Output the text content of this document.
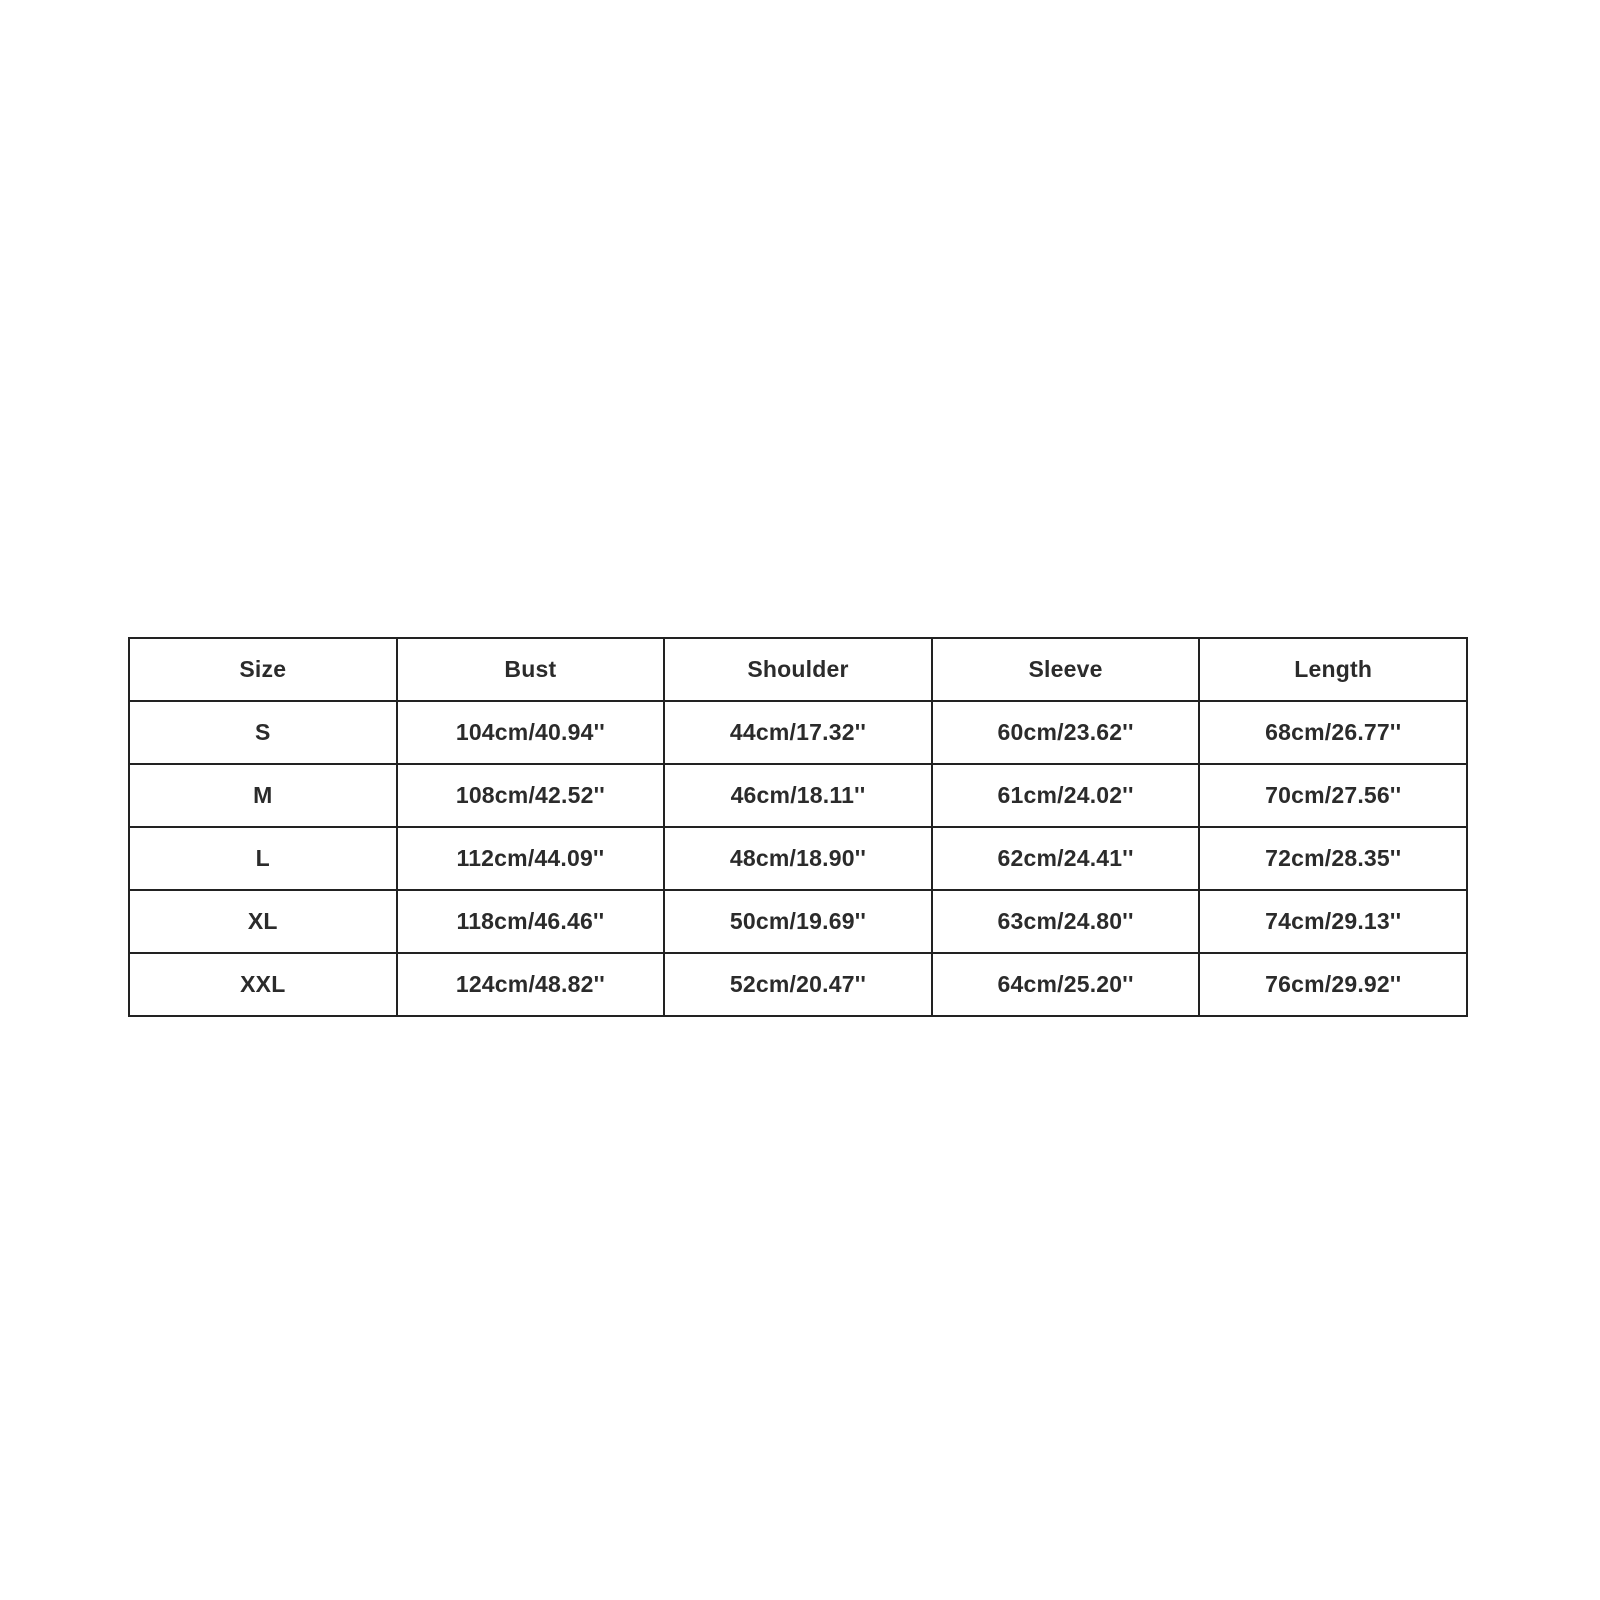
Size	Bust	Shoulder	Sleeve	Length
S	104cm/40.94''	44cm/17.32''	60cm/23.62''	68cm/26.77''
M	108cm/42.52''	46cm/18.11''	61cm/24.02''	70cm/27.56''
L	112cm/44.09''	48cm/18.90''	62cm/24.41''	72cm/28.35''
XL	118cm/46.46''	50cm/19.69''	63cm/24.80''	74cm/29.13''
XXL	124cm/48.82''	52cm/20.47''	64cm/25.20''	76cm/29.92''
